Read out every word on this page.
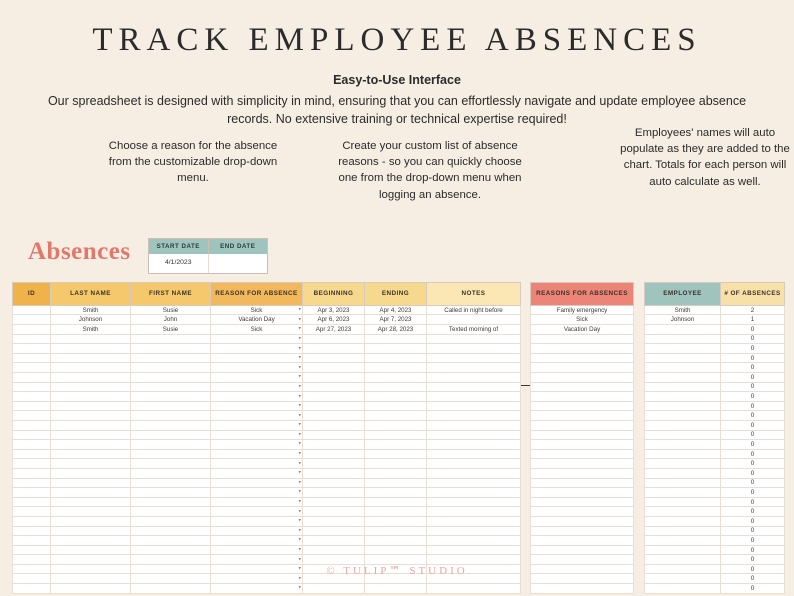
TRACK EMPLOYEE ABSENCES
Easy-to-Use Interface
Our spreadsheet is designed with simplicity in mind, ensuring that you can effortlessly navigate and update employee absence records. No extensive training or technical expertise required!
Choose a reason for the absence from the customizable drop-down menu.
Create your custom list of absence reasons - so you can quickly choose one from the drop-down menu when logging an absence.
Employees' names will auto populate as they are added to the chart. Totals for each person will auto calculate as well.
Absences	START DATE	END DATE
4/1/2023
ID	LAST NAME	FIRST NAME	REASON FOR ABSENCE	BEGINNING	ENDING	NOTES
	Smith	Susie	Sick ▾	Apr 3, 2023	Apr 4, 2023	Called in night before
	Johnson	John	Vacation Day ▾	Apr 6, 2023	Apr 7, 2023	
	Smith	Susie	Sick ▾	Apr 27, 2023	Apr 28, 2023	Texted morning of

			▾			

			▾			

			▾			

			▾			

			▾			

			▾			

			▾			

			▾			

			▾			

			▾			

			▾			

			▾			

			▾			

			▾			

			▾			

			▾			

			▾			

			▾			

			▾			

			▾			

			▾			

			▾			

			▾			

			▾			

			▾			

			▾			

			▾			

REASONS FOR ABSENCES
Family emergency
Sick
Vacation Day

EMPLOYEE	# OF ABSENCES
Smith	2
Johnson	1
	0
	0
	0
	0
	0
	0
	0
	0
	0
	0
	0
	0
	0
	0
	0
	0
	0
	0
	0
	0
	0
	0
	0
	0
	0
	0
	0
	0
© TULIP℠ STUDIO
